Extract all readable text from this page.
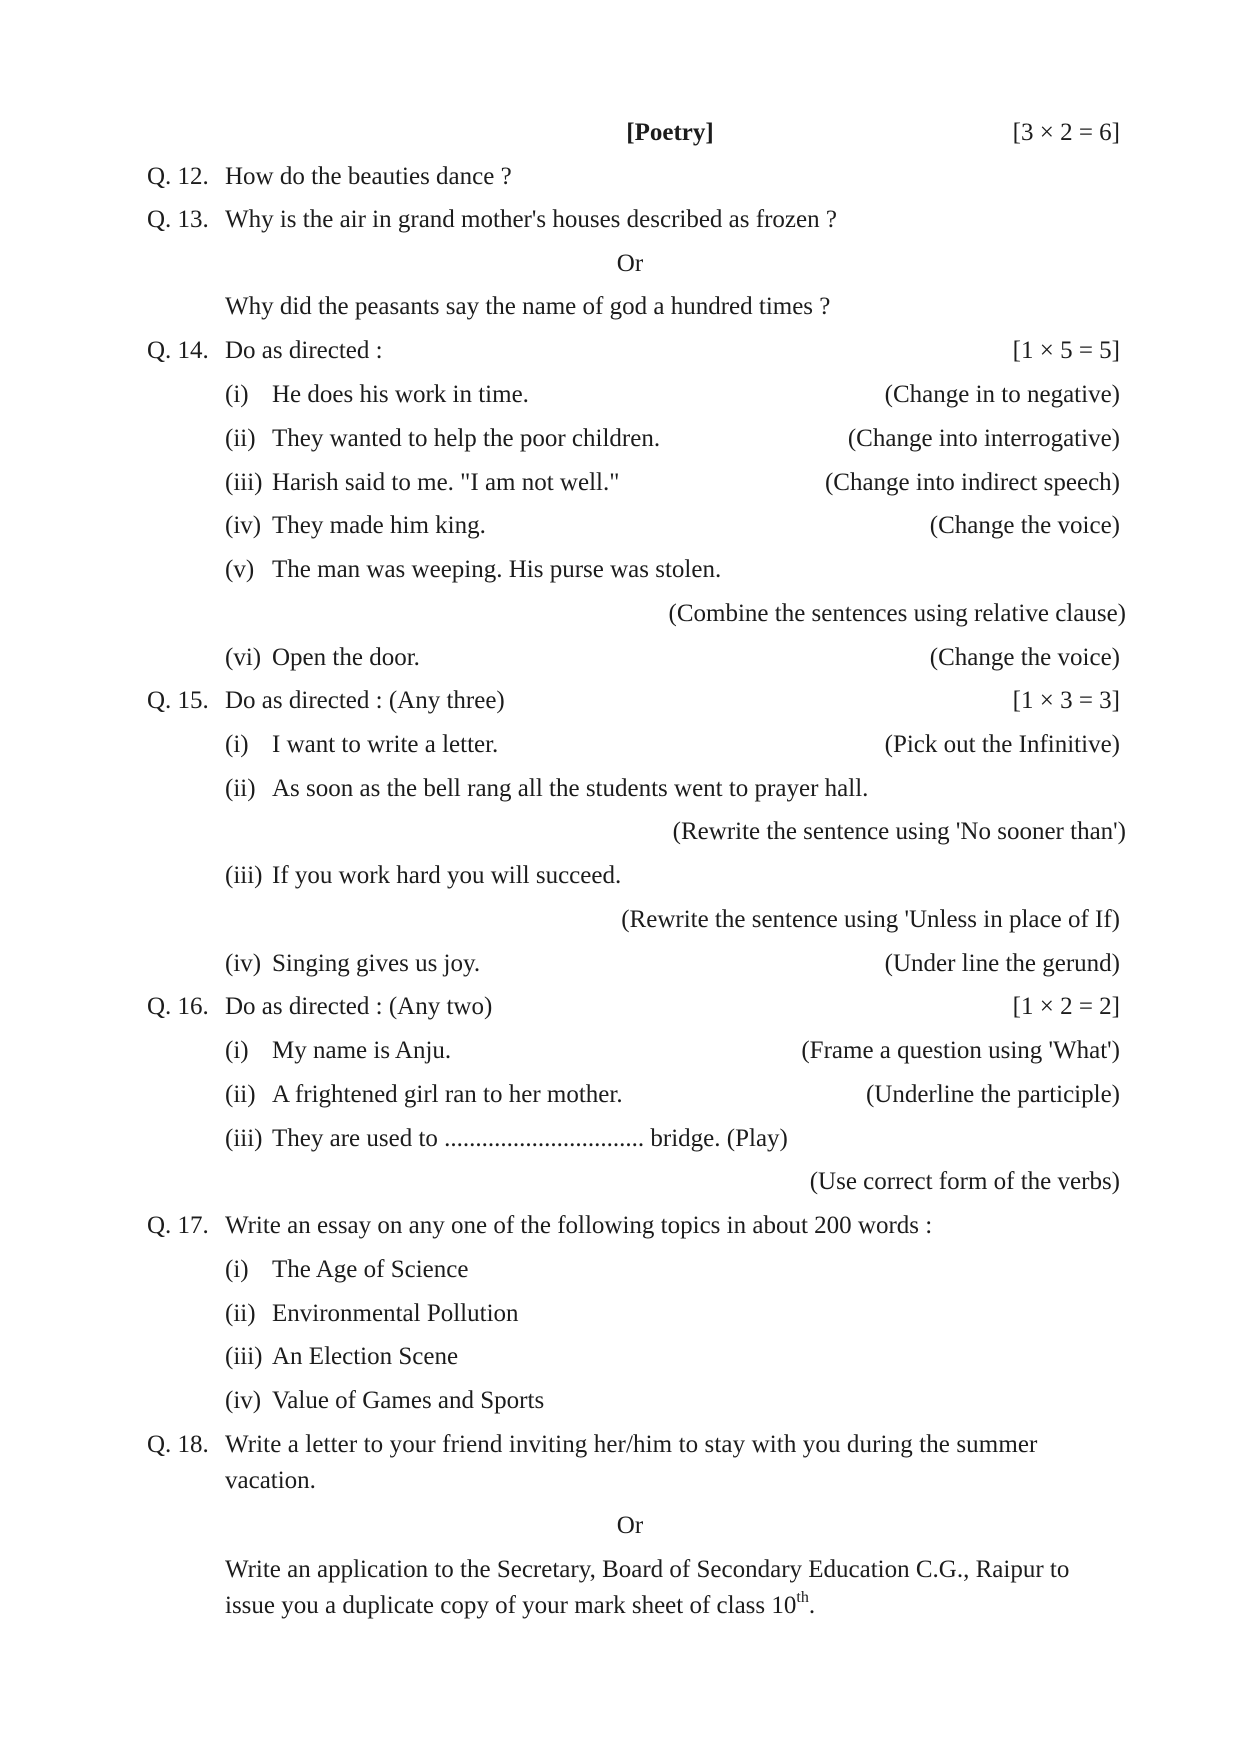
[Poetry]	[3 × 2 = 6]
Q. 12. How do the beauties dance ?
Q. 13. Why is the air in grand mother's houses described as frozen ?
Or
Why did the peasants say the name of god a hundred times ?
Q. 14. Do as directed :	[1 × 5 = 5]
(i) He does his work in time.	(Change in to negative)
(ii) They wanted to help the poor children.	(Change into interrogative)
(iii) Harish said to me. "I am not well."	(Change into indirect speech)
(iv) They made him king.	(Change the voice)
(v) The man was weeping. His purse was stolen.
(Combine the sentences using relative clause)
(vi) Open the door.	(Change the voice)
Q. 15. Do as directed : (Any three)	[1 × 3 = 3]
(i) I want to write a letter.	(Pick out the Infinitive)
(ii) As soon as the bell rang all the students went to prayer hall.
(Rewrite the sentence using 'No sooner than')
(iii) If you work hard you will succeed.
(Rewrite the sentence using 'Unless in place of If)
(iv) Singing gives us joy.	(Under line the gerund)
Q. 16. Do as directed : (Any two)	[1 × 2 = 2]
(i) My name is Anju.	(Frame a question using 'What')
(ii) A frightened girl ran to her mother.	(Underline the participle)
(iii) They are used to ................................ bridge. (Play)
(Use correct form of the verbs)
Q. 17. Write an essay on any one of the following topics in about 200 words :
(i) The Age of Science
(ii) Environmental Pollution
(iii) An Election Scene
(iv) Value of Games and Sports
Q. 18. Write a letter to your friend inviting her/him to stay with you during the summer
vacation.
Or
Write an application to the Secretary, Board of Secondary Education C.G., Raipur to
issue you a duplicate copy of your mark sheet of class 10th.
